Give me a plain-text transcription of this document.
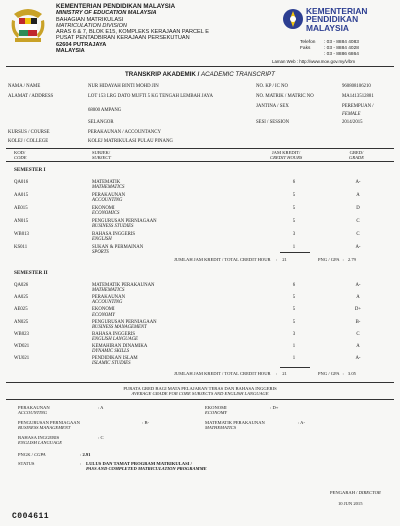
KEMENTERIAN PENDIDIKAN MALAYSIA
MINISTRY OF EDUCATION MALAYSIA
BAHAGIAN MATRIKULASI
MATRICULATION DIVISION
ARAS 6 & 7, BLOK E15, KOMPLEKS KERAJAAN PARCEL E
PUSAT PENTADBIRAN KERAJAAN PERSEKUTUAN
62604 PUTRAJAYA
MALAYSIA
KEMENTERIAN
PENDIDIKAN
MALAYSIA
Telefon : 03 - 8884 4083
Faks	: 03 - 8884 4028
: 03 - 8886 6864
Laman Web : http://www.moe.gov.my/v/bm
TRANSKRIP AKADEMIK / ACADEMIC TRANSCRIPT
NAMA / NAME	NUR HIDAYAH BINTI MOHD JIN
ALAMAT / ADDRESS	LOT 153 LRG DATO MUFTI 5 KG TENGAH LEMBAH JAYA
68000 AMPANG
SELANGOR
KURSUS / COURSE	PERAKAUNAN / ACCOUNTANCY
KOLEJ / COLLEGE	KOLEJ MATRIKULASI PULAU PINANG
NO. KP / IC NO	960808106210
NO. MATRIK / MATRIC NO	MA1413512881
JANTINA / SEX	PEREMPUAN /
FEMALE
SESI / SESSION	2014/2015
KOD/
CODE
SUBJEK/
SUBJECT
JAM KREDIT/
CREDIT HOURS
GRED/
GRADE
SEMESTER I
QA016	MATEMATIK
MATHEMATICS
6	A-
AA015	PERAKAUNAN
ACCOUNTING
5	A
AE015	EKONOMI
ECONOMICS
5	D
AN015	PENGURUSAN PERNIAGAAN
BUSINESS STUDIES
5	C
WB013	BAHASA INGGERIS
ENGLISH
3	C
KS011	SUKAN & PERMAINAN
SPORTS
1	A-
JUMLAH JAM KREDIT / TOTAL CREDIT HOUR : 21	PNG / GPA : 2.79
SEMESTER II
QA026	MATEMATIK PERAKAUNAN
MATHEMATICS
6	A-
AA025	PERAKAUNAN
ACCOUNTING
5	A
AE025	EKONOMI
ECONOMY
5	D+
AN025	PENGURUSAN PERNIAGAAN
BUSINESS MANAGEMENT
5	B-
WB023	BAHASA INGGERIS
ENGLISH LANGUAGE
3	C
WD021	KEMAHIRAN DINAMIKA
DYNAMIC SKILLS
1	A
WU021	PENDIDIKAN ISLAM
ISLAMIC STUDIES
1	A-
JUMLAH JAM KREDIT / TOTAL CREDIT HOUR : 21	PNG / GPA : 3.05
PURATA GRED BAGI MATA PELAJARAN TERAS DAN BAHASA INGGERIS
AVERAGE GRADE FOR CORE SUBJECTS AND ENGLISH LANGUAGE
PERAKAUNAN
ACCOUNTING
: A	EKONOMI
ECONOMY
: D+
PENGURUSAN PERNIAGAAN
BUSINESS MANAGEMENT
: B-	MATEMATIK PERAKAUNAN
MATHEMATICS
: A-
BAHASA INGGERIS
ENGLISH LANGUAGE
: C
PNGK / CGPA	: 2.91
STATUS	: LULUS DAN TAMAT PROGRAM MATRIKULASI /
PASS AND COMPLETED MATRICULATION PROGRAMME
PENGARAH / DIRECTOR
10 JUN 2015
C004611
